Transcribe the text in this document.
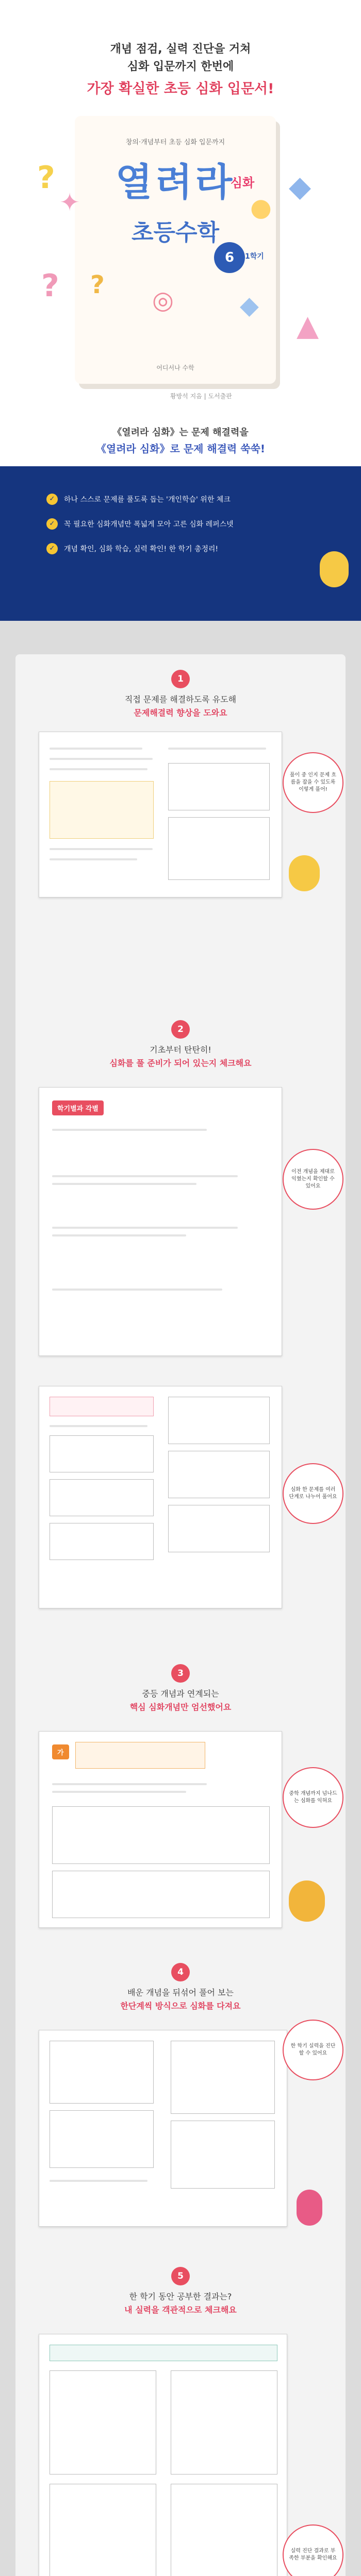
개념 점검, 실력 진단을 거쳐
심화 입문까지 한번에
가장 확실한 초등 심화 입문서!
창의·개념부터 초등 심화 입문까지
열려라
심화
초등수학
6	1학기
✦
?
◆
◎
●
어디서나 수학
?
?
◆
▲
황방석 지음 | 도서출판
《열려라 심화》는 문제 해결력을
《열려라 심화》로 문제 해결력 쑥쑥!
✓	하나 스스로 문제를 풀도록 돕는 '개인학습' 위한 체크
✓	꼭 필요한 심화개념만 폭넓게 모아 고른 심화 레퍼스넷
✓	개념 확인, 심화 학습, 실력 확인! 한 학기 총정리!
1
직접 문제를 해결하도록 유도해
문제해결력 향상을 도와요
풀이 중 인지 문제 흐름을 잡을 수 있도록 이렇게 풀어!
2
기초부터 탄탄히!
심화를 풀 준비가 되어 있는지 체크해요
학기별과 각별
이전 개념을 제대로 익혔는지 확인할 수 있어요
심화 한 문제를 여러 단계로 나누어 풀어요
3
중등 개념과 연계되는
핵심 심화개념만 엄선했어요
가
중학 개념까지 넘나드는 심화를 익혀요
4
배운 개념을 뒤섞어 풀어 보는
한단계씩 방식으로 심화를 다져요
한 학기 실력을 진단할 수 있어요
5
한 학기 동안 공부한 결과는?
내 실력을 객관적으로 체크해요
실력 진단 결과로 부족한 부분을 확인해요
